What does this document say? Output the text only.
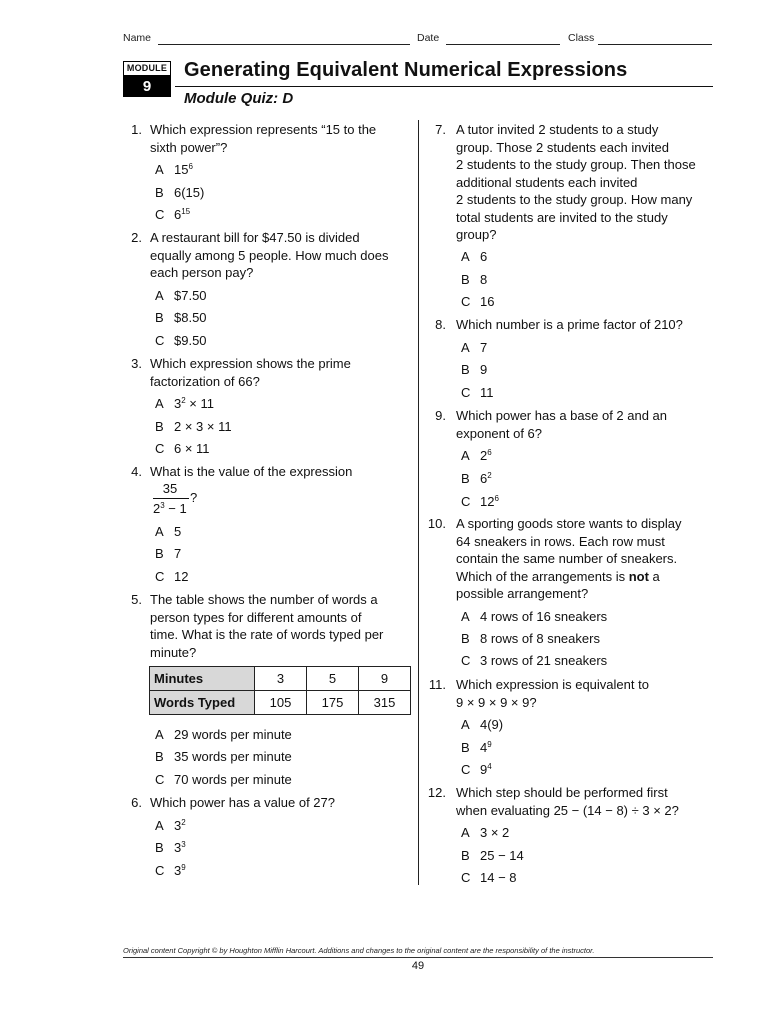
Name	Date	Class
MODULE
9
Generating Equivalent Numerical Expressions
Module Quiz: D
1. Which expression represents “15 to the
sixth power”?
A $15^6$
B 6(15)
C $6^{15}$
2. A restaurant bill for $47.50 is divided
equally among 5 people. How much does
each person pay?
A $7.50
B $8.50
C $9.50
3. Which expression shows the prime
factorization of 66?
A $3^2 \times 11$
B 2 × 3 × 11
C 6 × 11
4. What is the value of the expression
35
$2^3 - 1$
?
A 5
B 7
C 12
5. The table shows the number of words a
person types for different amounts of
time. What is the rate of words typed per
minute?
Minutes	3	5	9
Words Typed	105	175	315
A 29 words per minute
B 35 words per minute
C 70 words per minute
6. Which power has a value of 27?
A $3^2$
B $3^3$
C $3^9$
7. A tutor invited 2 students to a study
group. Those 2 students each invited
2 students to the study group. Then those
additional students each invited
2 students to the study group. How many
total students are invited to the study
group?
A 6
B 8
C 16
8. Which number is a prime factor of 210?
A 7
B 9
C 11
9. Which power has a base of 2 and an
exponent of 6?
A $2^6$
B $6^2$
C $12^6$
10. A sporting goods store wants to display
64 sneakers in rows. Each row must
contain the same number of sneakers.
Which of the arrangements is not a
possible arrangement?
A 4 rows of 16 sneakers
B 8 rows of 8 sneakers
C 3 rows of 21 sneakers
11. Which expression is equivalent to
9 × 9 × 9 × 9?
A 4(9)
B $4^9$
C $9^4$
12. Which step should be performed first
when evaluating 25 − (14 − 8) ÷ 3 × 2?
A 3 × 2
B 25 − 14
C 14 − 8
Original content Copyright © by Houghton Mifflin Harcourt. Additions and changes to the original content are the responsibility of the instructor.
49
